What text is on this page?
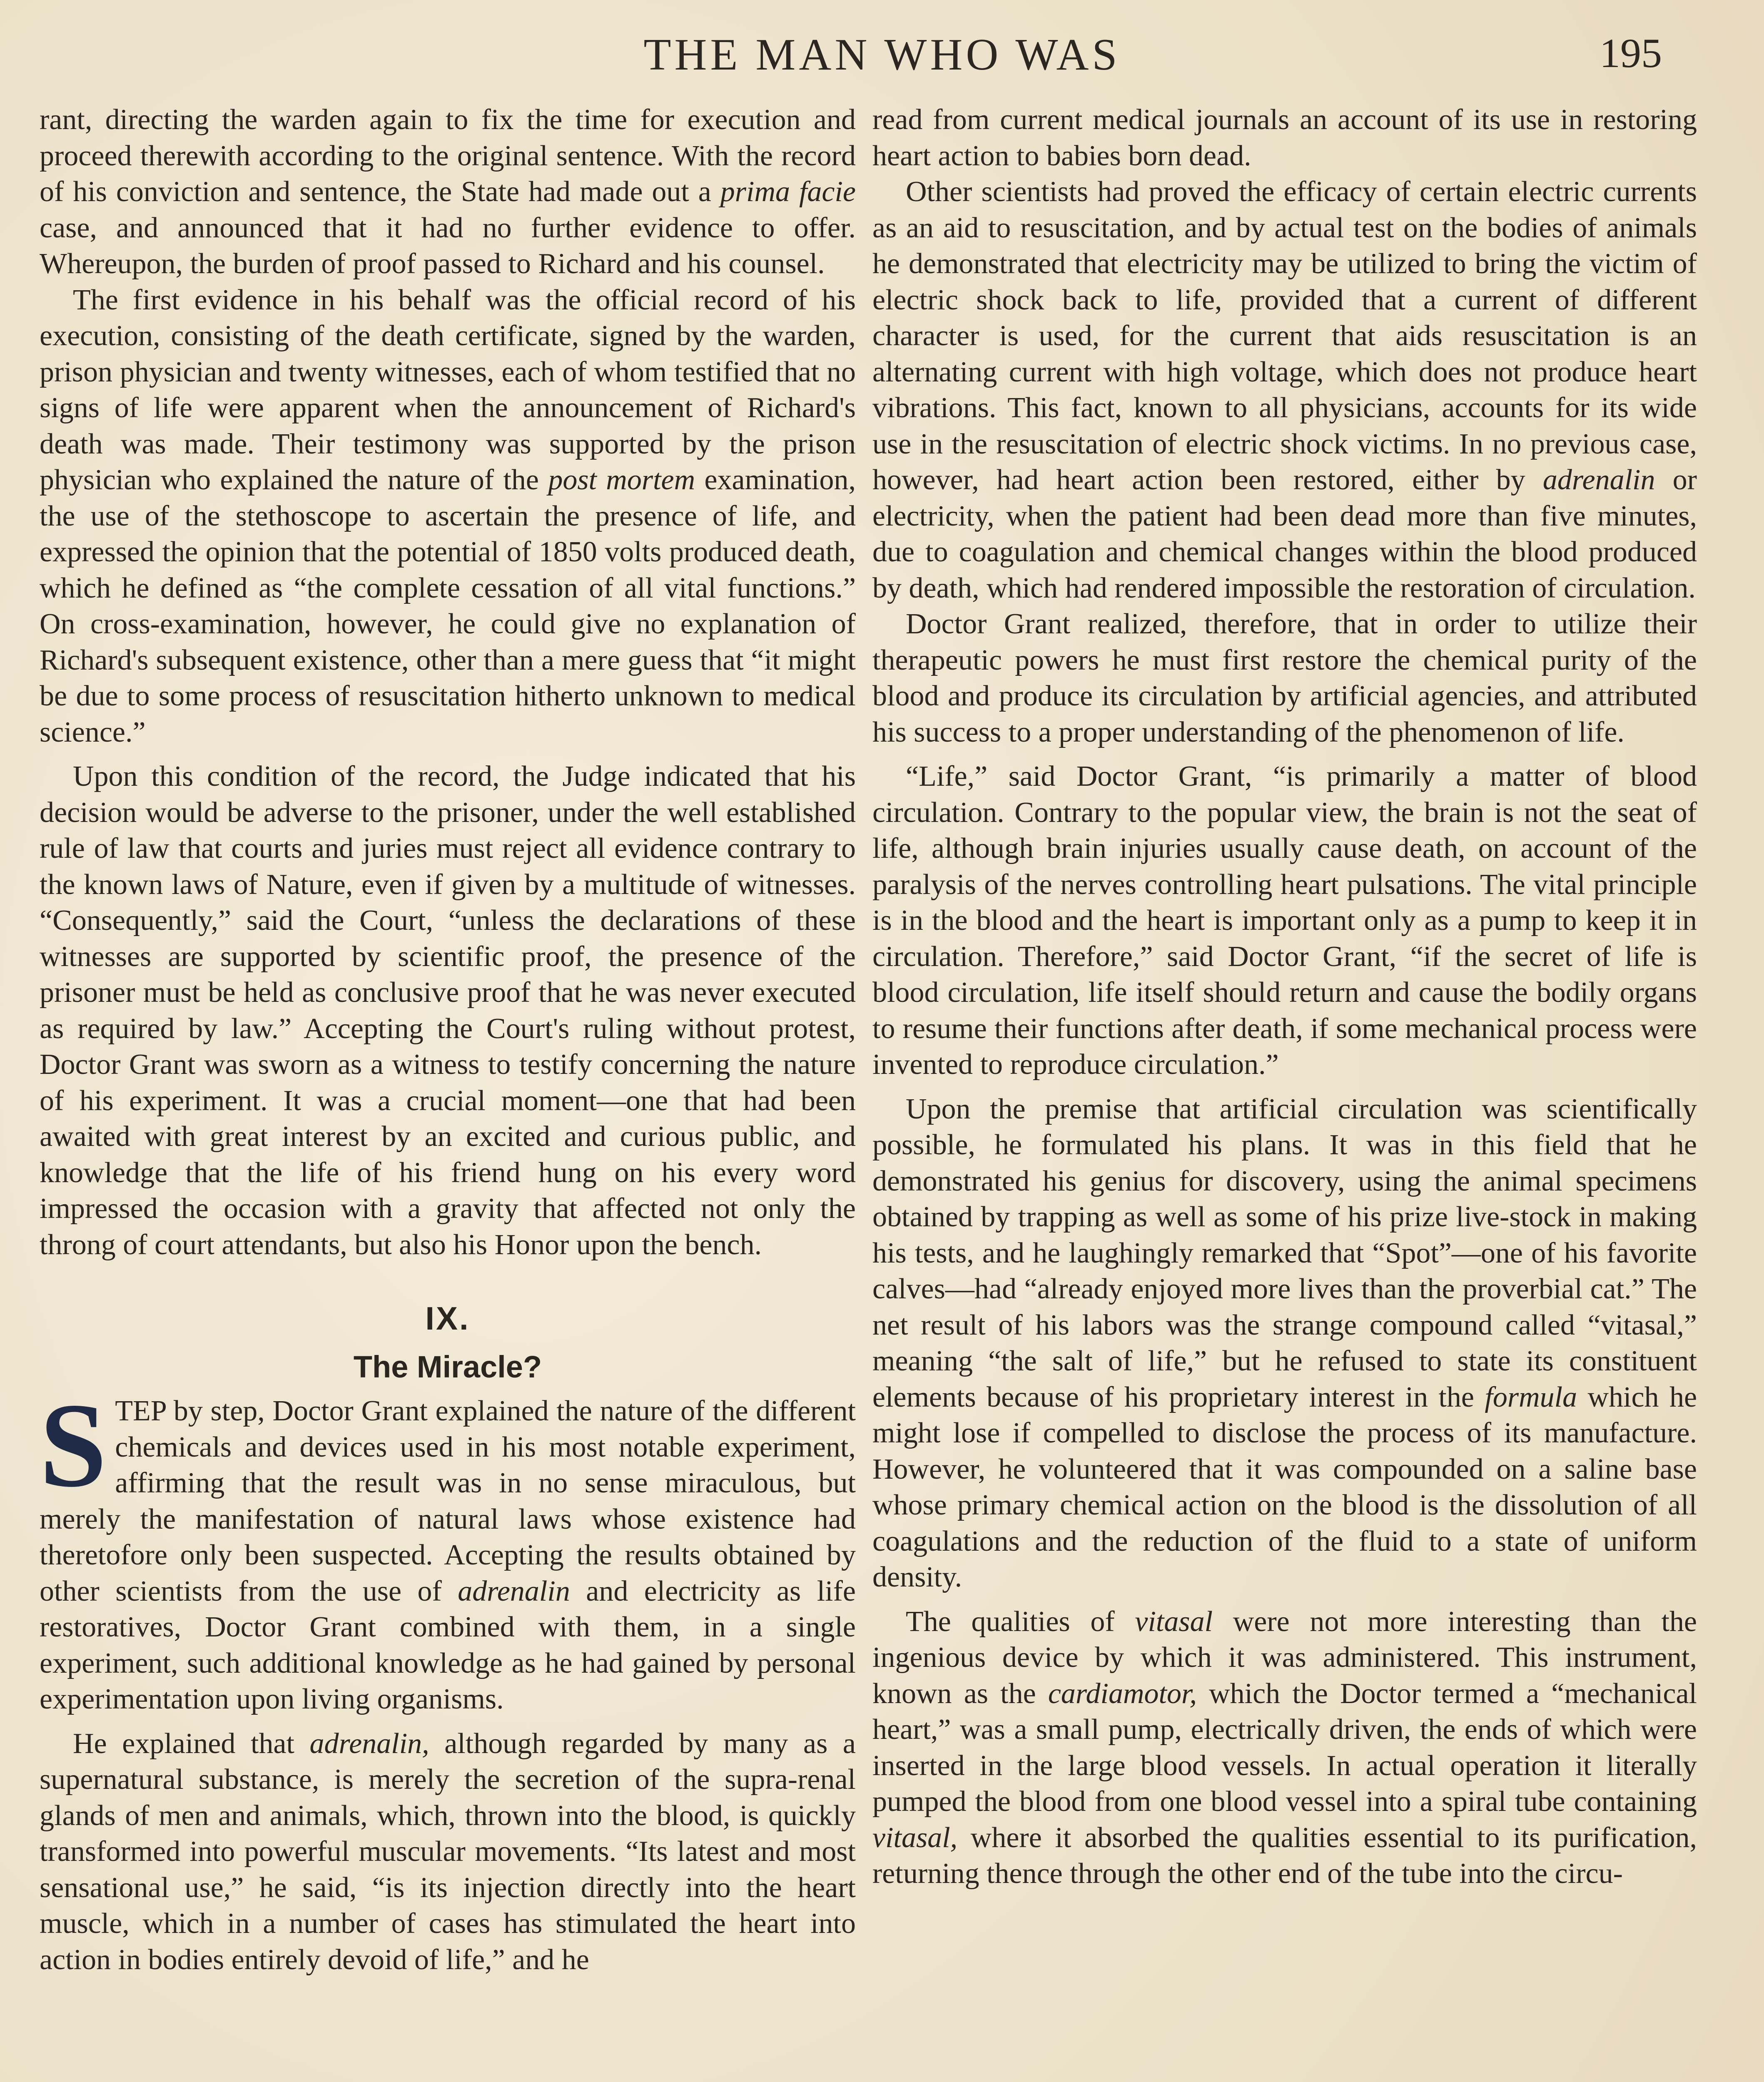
THE MAN WHO WAS	195

rant, directing the warden again to fix the time for execution and proceed therewith according to the original sentence. With the record of his conviction and sentence, the State had made out a prima facie case, and announced that it had no further evidence to offer. Whereupon, the burden of proof passed to Richard and his counsel.

The first evidence in his behalf was the official record of his execution, consisting of the death certificate, signed by the warden, prison physician and twenty witnesses, each of whom testified that no signs of life were apparent when the announcement of Richard's death was made. Their testimony was supported by the prison physician who explained the nature of the post mortem examination, the use of the stethoscope to ascertain the presence of life, and expressed the opinion that the potential of 1850 volts produced death, which he defined as “the complete cessation of all vital functions.” On cross-examination, however, he could give no explanation of Richard's subsequent existence, other than a mere guess that “it might be due to some process of resuscitation hitherto unknown to medical science.”

Upon this condition of the record, the Judge indicated that his decision would be adverse to the prisoner, under the well established rule of law that courts and juries must reject all evidence contrary to the known laws of Nature, even if given by a multitude of witnesses. “Consequently,” said the Court, “unless the declarations of these witnesses are supported by scientific proof, the presence of the prisoner must be held as conclusive proof that he was never executed as required by law.” Accepting the Court's ruling without protest, Doctor Grant was sworn as a witness to testify concerning the nature of his experiment. It was a crucial moment—one that had been awaited with great interest by an excited and curious public, and knowledge that the life of his friend hung on his every word impressed the occasion with a gravity that affected not only the throng of court attendants, but also his Honor upon the bench.

IX.
The Miracle?

STEP by step, Doctor Grant explained the nature of the different chemicals and devices used in his most notable experiment, affirming that the result was in no sense miraculous, but merely the manifestation of natural laws whose existence had theretofore only been suspected. Accepting the results obtained by other scientists from the use of adrenalin and electricity as life restoratives, Doctor Grant combined with them, in a single experiment, such additional knowledge as he had gained by personal experimentation upon living organisms.

He explained that adrenalin, although regarded by many as a supernatural substance, is merely the secretion of the supra-renal glands of men and animals, which, thrown into the blood, is quickly transformed into powerful muscular movements. “Its latest and most sensational use,” he said, “is its injection directly into the heart muscle, which in a number of cases has stimulated the heart into action in bodies entirely devoid of life,” and he

read from current medical journals an account of its use in restoring heart action to babies born dead.

Other scientists had proved the efficacy of certain electric currents as an aid to resuscitation, and by actual test on the bodies of animals he demonstrated that electricity may be utilized to bring the victim of electric shock back to life, provided that a current of different character is used, for the current that aids resuscitation is an alternating current with high voltage, which does not produce heart vibrations. This fact, known to all physicians, accounts for its wide use in the resuscitation of electric shock victims. In no previous case, however, had heart action been restored, either by adrenalin or electricity, when the patient had been dead more than five minutes, due to coagulation and chemical changes within the blood produced by death, which had rendered impossible the restoration of circulation.

Doctor Grant realized, therefore, that in order to utilize their therapeutic powers he must first restore the chemical purity of the blood and produce its circulation by artificial agencies, and attributed his success to a proper understanding of the phenomenon of life.

“Life,” said Doctor Grant, “is primarily a matter of blood circulation. Contrary to the popular view, the brain is not the seat of life, although brain injuries usually cause death, on account of the paralysis of the nerves controlling heart pulsations. The vital principle is in the blood and the heart is important only as a pump to keep it in circulation. Therefore,” said Doctor Grant, “if the secret of life is blood circulation, life itself should return and cause the bodily organs to resume their functions after death, if some mechanical process were invented to reproduce circulation.”

Upon the premise that artificial circulation was scientifically possible, he formulated his plans. It was in this field that he demonstrated his genius for discovery, using the animal specimens obtained by trapping as well as some of his prize live-stock in making his tests, and he laughingly remarked that “Spot”—one of his favorite calves—had “already enjoyed more lives than the proverbial cat.” The net result of his labors was the strange compound called “vitasal,” meaning “the salt of life,” but he refused to state its constituent elements because of his proprietary interest in the formula which he might lose if compelled to disclose the process of its manufacture. However, he volunteered that it was compounded on a saline base whose primary chemical action on the blood is the dissolution of all coagulations and the reduction of the fluid to a state of uniform density.

The qualities of vitasal were not more interesting than the ingenious device by which it was administered. This instrument, known as the cardiamotor, which the Doctor termed a “mechanical heart,” was a small pump, electrically driven, the ends of which were inserted in the large blood vessels. In actual operation it literally pumped the blood from one blood vessel into a spiral tube containing vitasal, where it absorbed the qualities essential to its purification, returning thence through the other end of the tube into the circu-
